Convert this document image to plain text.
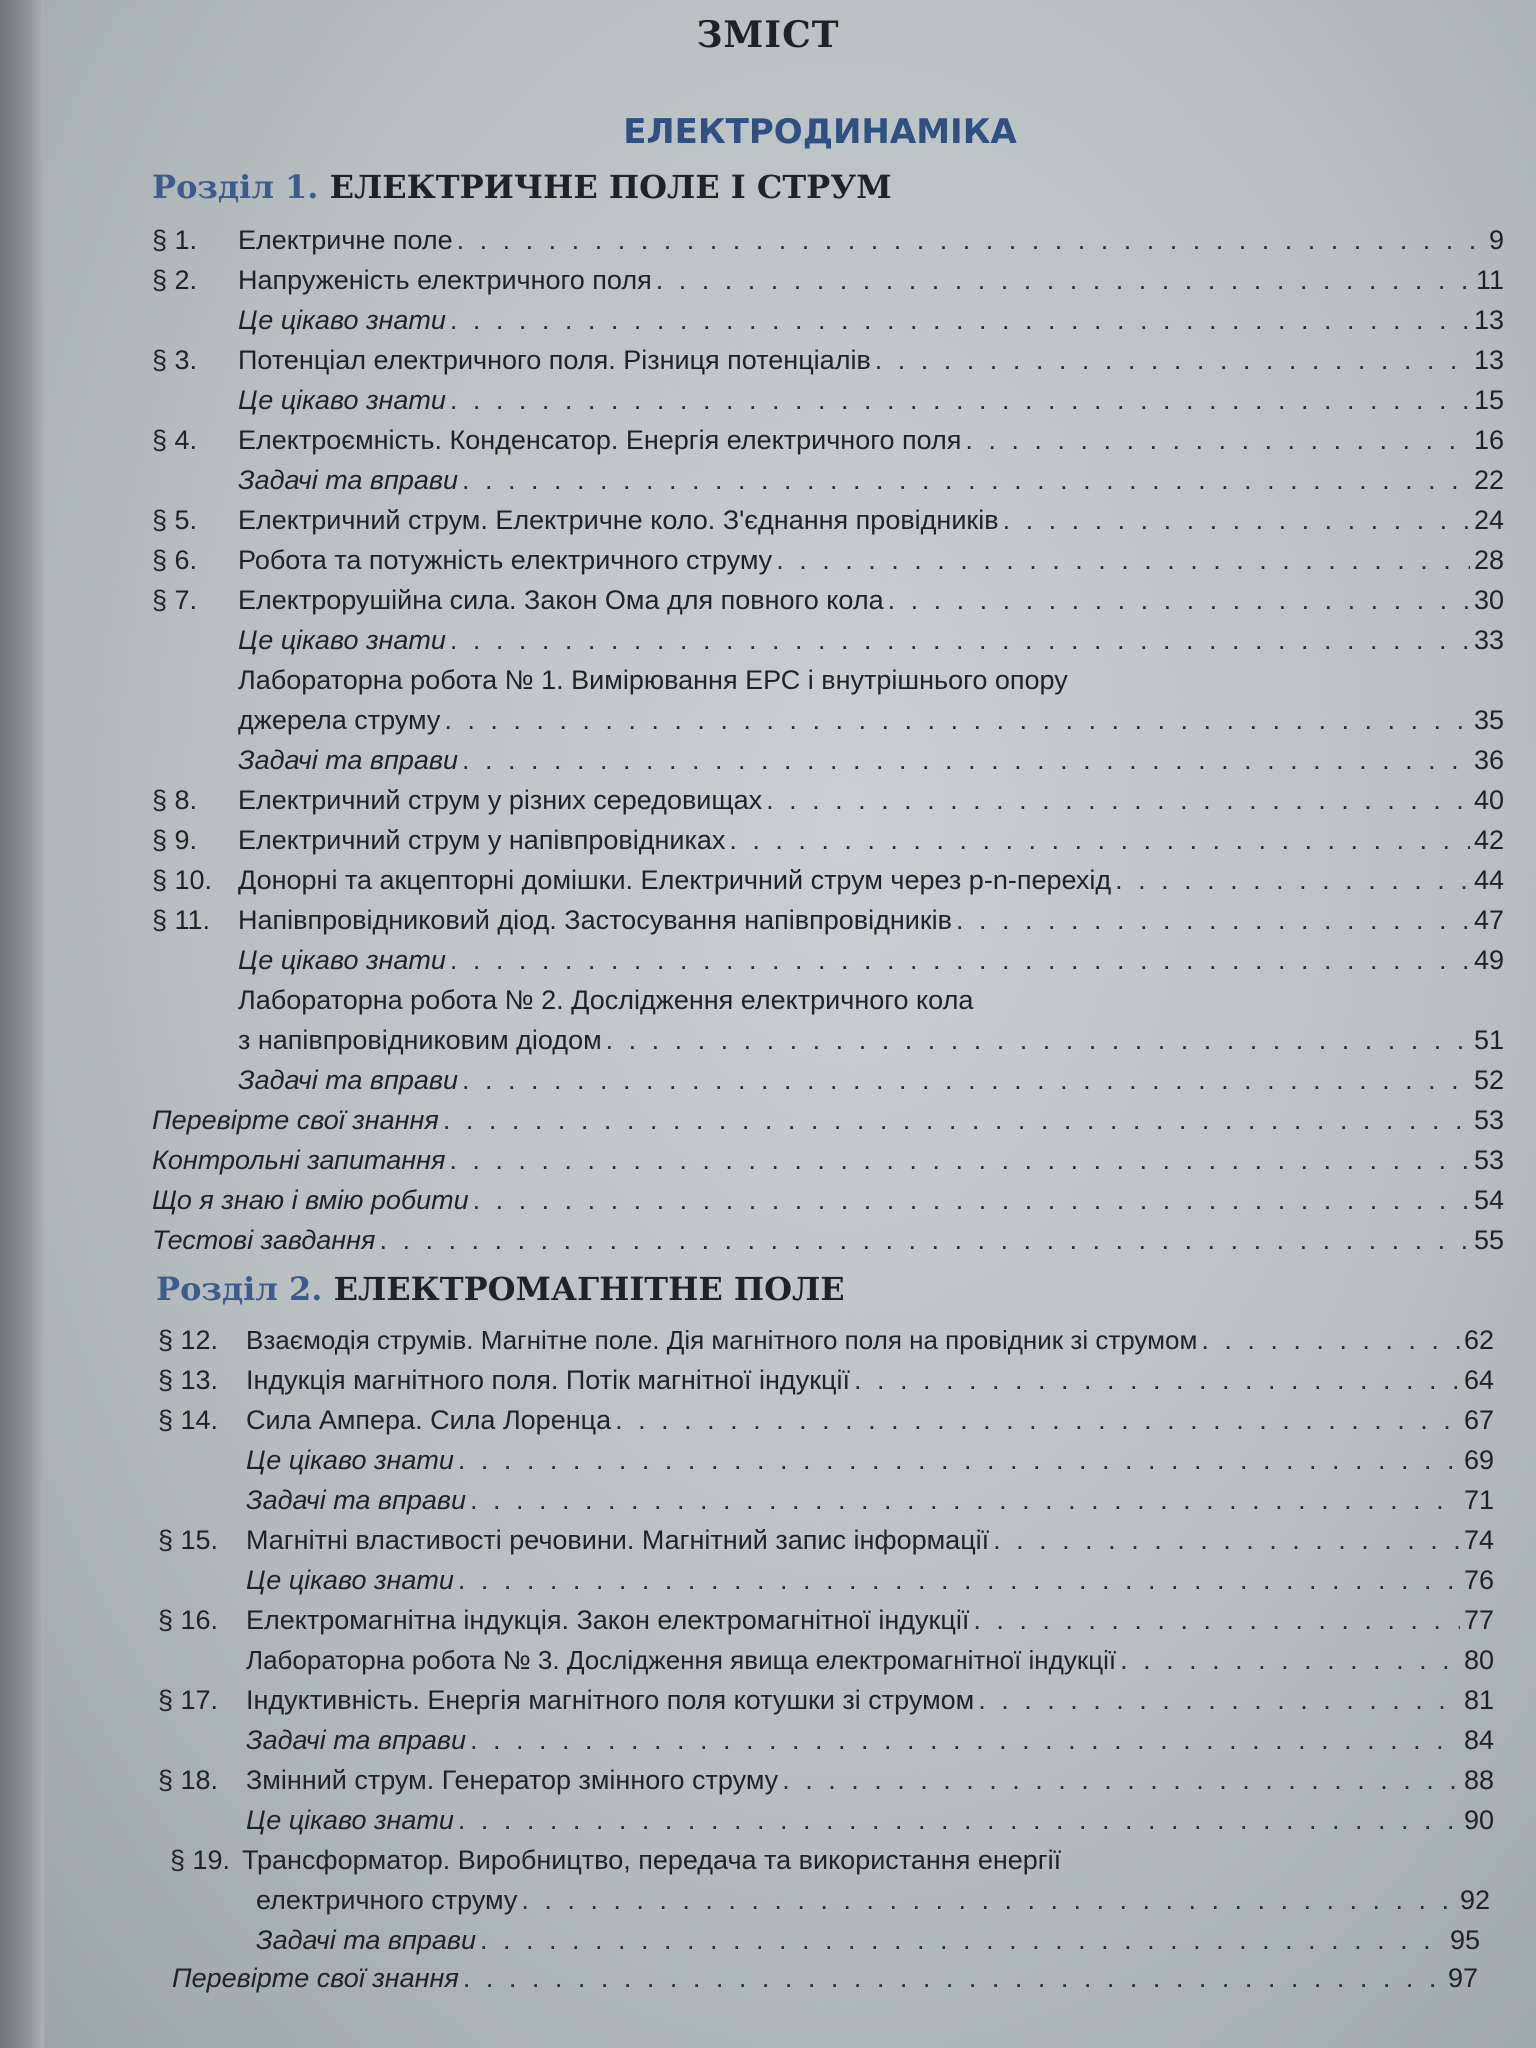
ЗМІСТ
ЕЛЕКТРОДИНАМІКА
Розділ 1. ЕЛЕКТРИЧНЕ ПОЛЕ І СТРУМ
§ 1.	Електричне поле . . .	9
§ 2.	Напруженість електричного поля . . .	11
Це цікаво знати . . .	13
§ 3.	Потенціал електричного поля. Різниця потенціалів . . .	13
Це цікаво знати . . .	15
§ 4.	Електроємність. Конденсатор. Енергія електричного поля . . .	16
Задачі та вправи . . .	22
§ 5.	Електричний струм. Електричне коло. З'єднання провідників . . .	24
§ 6.	Робота та потужність електричного струму . . .	28
§ 7.	Електрорушійна сила. Закон Ома для повного кола . . .	30
Це цікаво знати . . .	33
Лабораторна робота № 1. Вимірювання ЕРС і внутрішнього опору
джерела струму . . .	35
Задачі та вправи . . .	36
§ 8.	Електричний струм у різних середовищах . . .	40
§ 9.	Електричний струм у напівпровідниках . . .	42
§ 10. Донорні та акцепторні домішки. Електричний струм через p-n-перехід . . .	44
§ 11.	Напівпровідниковий діод. Застосування напівпровідників . . .	47
Це цікаво знати . . .	49
Лабораторна робота № 2. Дослідження електричного кола
з напівпровідниковим діодом . . .	51
Задачі та вправи . . .	52
Перевірте свої знання . . .	53
Контрольні запитання . . .	53
Що я знаю і вмію робити . . .	54
Тестові завдання . . .	55
Розділ 2. ЕЛЕКТРОМАГНІТНЕ ПОЛЕ
§ 12.	Взаємодія струмів. Магнітне поле. Дія магнітного поля на провідник зі струмом . . .	62
§ 13.	Індукція магнітного поля. Потік магнітної індукції . . .	64
§ 14.	Сила Ампера. Сила Лоренца . . .	67
Це цікаво знати . . .	69
Задачі та вправи . . .	71
§ 15.	Магнітні властивості речовини. Магнітний запис інформації . . .	74
Це цікаво знати . . .	76
§ 16.	Електромагнітна індукція. Закон електромагнітної індукції . . .	77
Лабораторна робота № 3. Дослідження явища електромагнітної індукції . . .	80
§ 17.	Індуктивність. Енергія магнітного поля котушки зі струмом . . .	81
Задачі та вправи . . .	84
§ 18.	Змінний струм. Генератор змінного струму . . .	88
Це цікаво знати . . .	90
§ 19. Трансформатор. Виробництво, передача та використання енергії
електричного струму . . .	92
Задачі та вправи . . .	95
Перевірте свої знання . . .	97
